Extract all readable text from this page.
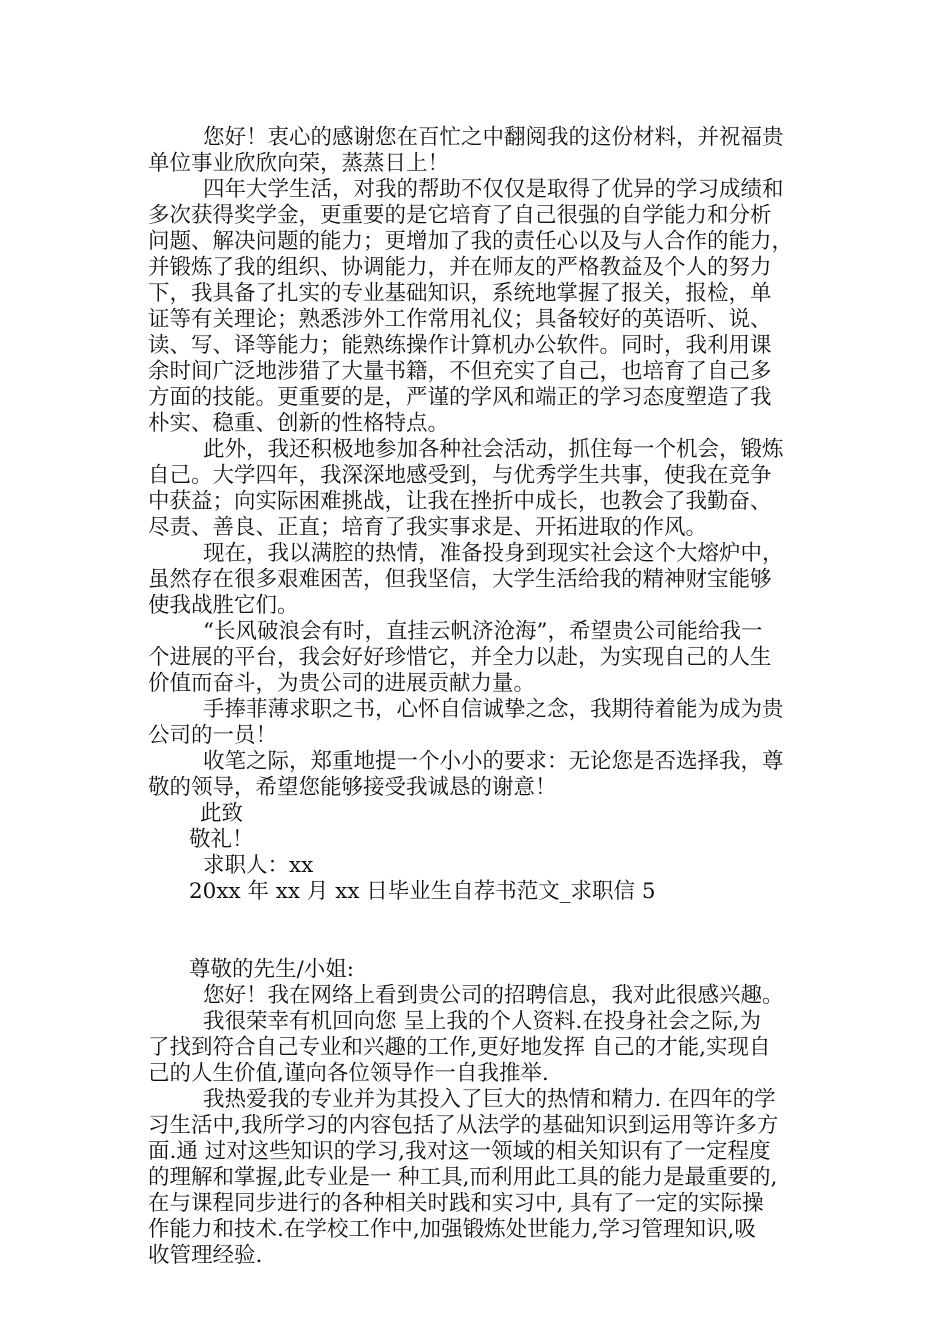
您好！衷心的感谢您在百忙之中翻阅我的这份材料，并祝福贵
单位事业欣欣向荣，蒸蒸日上！
四年大学生活，对我的帮助不仅仅是取得了优异的学习成绩和
多次获得奖学金，更重要的是它培育了自己很强的自学能力和分析
问题、解决问题的能力；更增加了我的责任心以及与人合作的能力，
并锻炼了我的组织、协调能力，并在师友的严格教益及个人的努力
下，我具备了扎实的专业基础知识，系统地掌握了报关，报检，单
证等有关理论；熟悉涉外工作常用礼仪；具备较好的英语听、说、
读、写、译等能力；能熟练操作计算机办公软件。同时，我利用课
余时间广泛地涉猎了大量书籍，不但充实了自己，也培育了自己多
方面的技能。更重要的是，严谨的学风和端正的学习态度塑造了我
朴实、稳重、创新的性格特点。
此外，我还积极地参加各种社会活动，抓住每一个机会，锻炼
自己。大学四年，我深深地感受到，与优秀学生共事，使我在竞争
中获益；向实际困难挑战，让我在挫折中成长，也教会了我勤奋、
尽责、善良、正直；培育了我实事求是、开拓进取的作风。
现在，我以满腔的热情，准备投身到现实社会这个大熔炉中，
虽然存在很多艰难困苦，但我坚信，大学生活给我的精神财宝能够
使我战胜它们。
“长风破浪会有时，直挂云帆济沧海”，希望贵公司能给我一
个进展的平台，我会好好珍惜它，并全力以赴，为实现自己的人生
价值而奋斗，为贵公司的进展贡献力量。
手捧菲薄求职之书，心怀自信诚挚之念，我期待着能为成为贵
公司的一员！
收笔之际，郑重地提一个小小的要求：无论您是否选择我，尊
敬的领导，希望您能够接受我诚恳的谢意！
此致
敬礼！
求职人：xx
20xx 年 xx 月 xx 日毕业生自荐书范文_求职信 5
尊敬的先生/小姐:
您好！我在网络上看到贵公司的招聘信息，我对此很感兴趣。
我很荣幸有机回向您 呈上我的个人资料.在投身社会之际,为
了找到符合自己专业和兴趣的工作,更好地发挥 自己的才能,实现自
己的人生价值,谨向各位领导作一自我推举.
我热爱我的专业并为其投入了巨大的热情和精力. 在四年的学
习生活中,我所学习的内容包括了从法学的基础知识到运用等许多方
面.通 过对这些知识的学习,我对这一领域的相关知识有了一定程度
的理解和掌握,此专业是一 种工具,而利用此工具的能力是最重要的,
在与课程同步进行的各种相关时践和实习中, 具有了一定的实际操
作能力和技术.在学校工作中,加强锻炼处世能力,学习管理知识,吸
收管理经验.
